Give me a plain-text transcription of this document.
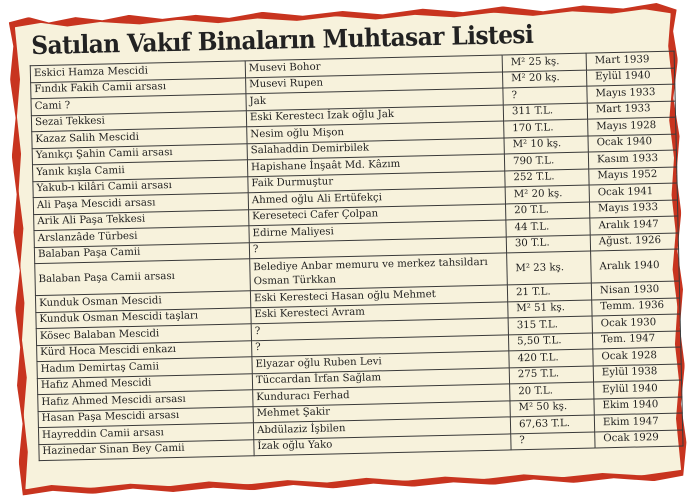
Satılan Vakıf Binaların Muhtasar Listesi
Eskici Hamza Mescidi	Musevi Bohor	M² 25 kş.	Mart 1939
Fındık Fakih Camii arsası	Musevi Rupen	M² 20 kş.	Eylül 1940
Cami ?	Jak	?	Mayıs 1933
Sezai Tekkesi	Eski Kerestecı İzak oğlu Jak	311 T.L.	Mart 1933
Kazaz Salih Mescidi	Nesim oğlu Mişon	170 T.L.	Mayıs 1928
Yanıkçı Şahin Camii arsası	Salahaddin Demirbilek	M² 10 kş.	Ocak 1940
Yanık kışla Camii	Hapishane İnşaât Md. Kâzım	790 T.L.	Kasım 1933
Yakub-ı kilâri Camii arsası	Faik Durmuştur	252 T.L.	Mayıs 1952
Ali Paşa Mescidi arsası	Ahmed oğlu Ali Ertüfekçi	M² 20 kş.	Ocak 1941
Arik Ali Paşa Tekkesi	Kereseteci Cafer Çolpan	20 T.L.	Mayıs 1933
Arslanzâde Türbesi	Edirne Maliyesi	44 T.L.	Aralık 1947
Balaban Paşa Camii	?	30 T.L.	Ağust. 1926
Balaban Paşa Camii arsası	Belediye Anbar memuru ve merkez tahsildarı Osman Türkkan	M² 23 kş.	Aralık 1940
Kunduk Osman Mescidi	Eski Keresteci Hasan oğlu Mehmet	21 T.L.	Nisan 1930
Kunduk Osman Mescidi taşları	Eski Keresteci Avram	M² 51 kş.	Temm. 1936
Kösec Balaban Mescidi	?	315 T.L.	Ocak 1930
Kürd Hoca Mescidi enkazı	?	5,50 T.L.	Tem. 1947
Hadım Demirtaş Camii	Elyazar oğlu Ruben Levi	420 T.L.	Ocak 1928
Hafız Ahmed Mescidi	Tüccardan İrfan Sağlam	275 T.L.	Eylül 1938
Hafız Ahmed Mescidi arsası	Kunduracı Ferhad	20 T.L.	Eylül 1940
Hasan Paşa Mescidi arsası	Mehmet Şakir	M² 50 kş.	Ekim 1940
Hayreddin Camii arsası	Abdülaziz İşbilen	67,63 T.L.	Ekim 1947
Hazinedar Sinan Bey Camii	İzak oğlu Yako	?	Ocak 1929
